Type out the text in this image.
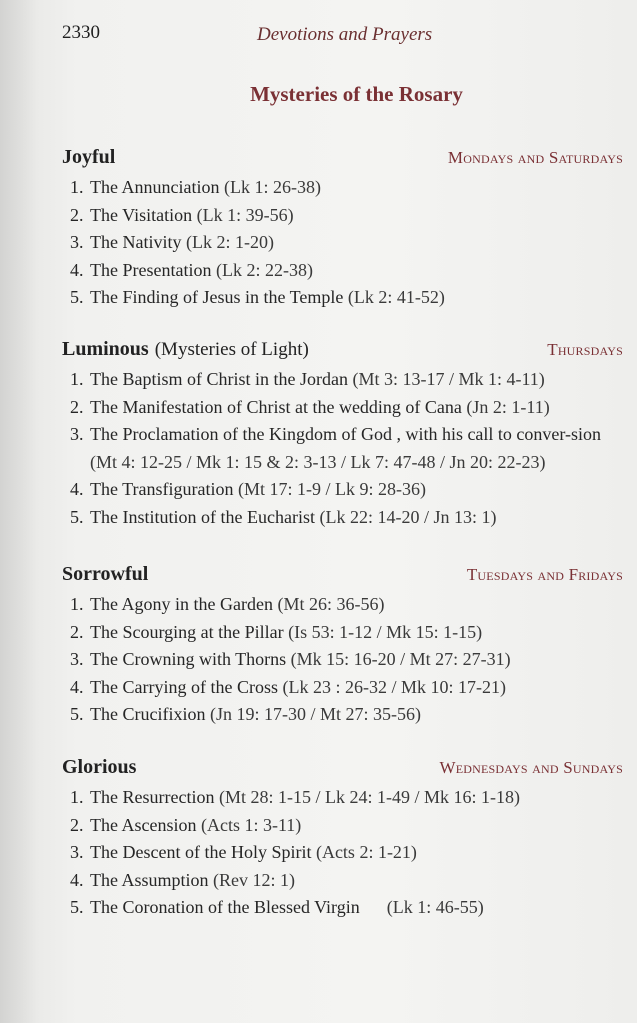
2330	Devotions and Prayers
Mysteries of the Rosary
Joyful	Mondays and Saturdays
1. The Annunciation (Lk 1: 26-38)
2. The Visitation (Lk 1: 39-56)
3. The Nativity (Lk 2: 1-20)
4. The Presentation (Lk 2: 22-38)
5. The Finding of Jesus in the Temple (Lk 2: 41-52)
Luminous (Mysteries of Light)	Thursdays
1. The Baptism of Christ in the Jordan (Mt 3: 13-17 / Mk 1: 4-11)
2. The Manifestation of Christ at the wedding of Cana (Jn 2: 1-11)
3. The Proclamation of the Kingdom of God , with his call to conver-sion (Mt 4: 12-25 / Mk 1: 15 & 2: 3-13 / Lk 7: 47-48 / Jn 20: 22-23)
4. The Transfiguration (Mt 17: 1-9 / Lk 9: 28-36)
5. The Institution of the Eucharist (Lk 22: 14-20 / Jn 13: 1)
Sorrowful	Tuesdays and Fridays
1. The Agony in the Garden (Mt 26: 36-56)
2. The Scourging at the Pillar (Is 53: 1-12 / Mk 15: 1-15)
3. The Crowning with Thorns (Mk 15: 16-20 / Mt 27: 27-31)
4. The Carrying of the Cross (Lk 23 : 26-32 / Mk 10: 17-21)
5. The Crucifixion (Jn 19: 17-30 / Mt 27: 35-56)
Glorious	Wednesdays and Sundays
1. The Resurrection (Mt 28: 1-15 / Lk 24: 1-49 / Mk 16: 1-18)
2. The Ascension (Acts 1: 3-11)
3. The Descent of the Holy Spirit (Acts 2: 1-21)
4. The Assumption (Rev 12: 1)
5. The Coronation of the Blessed Virgin (Lk 1: 46-55)
